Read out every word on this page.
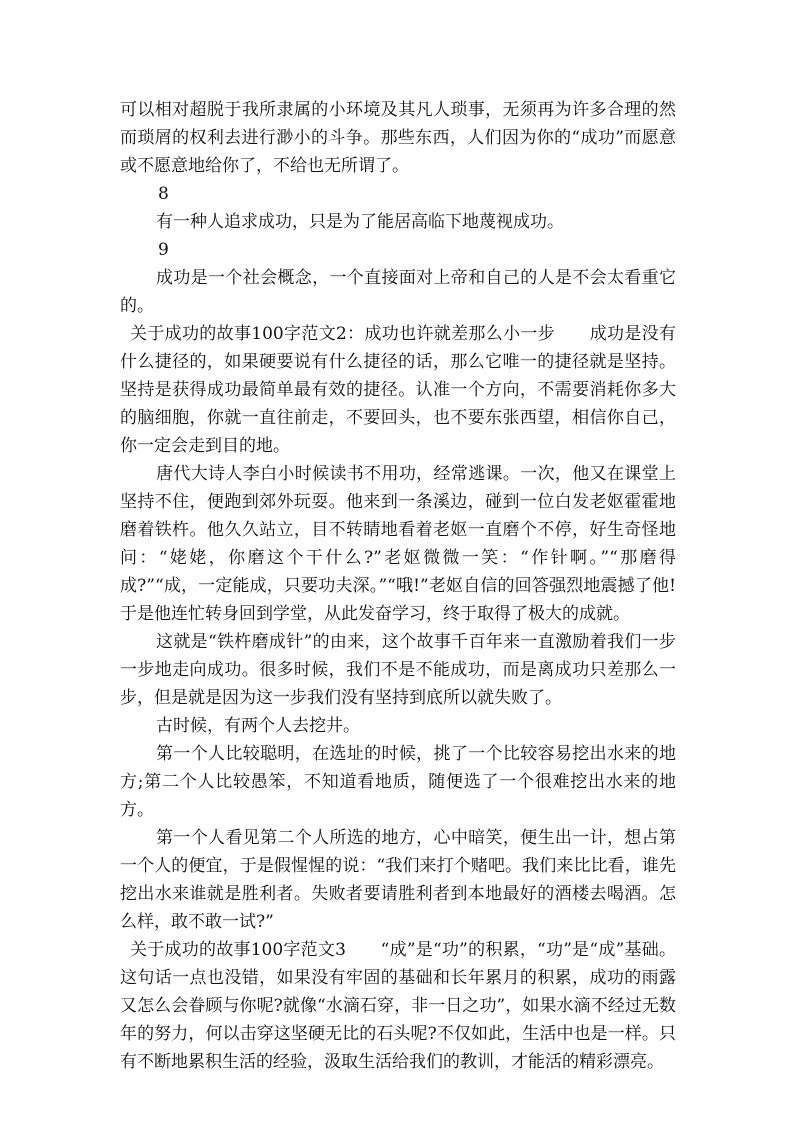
可以相对超脱于我所隶属的小环境及其凡人琐事，无须再为许多合理的然而琐屑的权利去进行渺小的斗争。那些东西，人们因为你的“成功”而愿意或不愿意地给你了，不给也无所谓了。

8

有一种人追求成功，只是为了能居高临下地蔑视成功。

9

成功是一个社会概念，一个直接面对上帝和自己的人是不会太看重它的。

关于成功的故事100字范文2：成功也许就差那么小一步　　成功是没有什么捷径的，如果硬要说有什么捷径的话，那么它唯一的捷径就是坚持。坚持是获得成功最简单最有效的捷径。认准一个方向，不需要消耗你多大的脑细胞，你就一直往前走，不要回头，也不要东张西望，相信你自己，你一定会走到目的地。

唐代大诗人李白小时候读书不用功，经常逃课。一次，他又在课堂上坚持不住，便跑到郊外玩耍。他来到一条溪边，碰到一位白发老妪霍霍地磨着铁杵。他久久站立，目不转睛地看着老妪一直磨个不停，好生奇怪地问：“姥姥，你磨这个干什么?”老妪微微一笑：“作针啊。”“那磨得成?”“成，一定能成，只要功夫深。”“哦!”老妪自信的回答强烈地震撼了他!于是他连忙转身回到学堂，从此发奋学习，终于取得了极大的成就。

这就是“铁杵磨成针”的由来，这个故事千百年来一直激励着我们一步一步地走向成功。很多时候，我们不是不能成功，而是离成功只差那么一步，但是就是因为这一步我们没有坚持到底所以就失败了。

古时候，有两个人去挖井。

第一个人比较聪明，在选址的时候，挑了一个比较容易挖出水来的地方;第二个人比较愚笨，不知道看地质，随便选了一个很难挖出水来的地方。

第一个人看见第二个人所选的地方，心中暗笑，便生出一计，想占第一个人的便宜，于是假惺惺的说：“我们来打个赌吧。我们来比比看，谁先挖出水来谁就是胜利者。失败者要请胜利者到本地最好的酒楼去喝酒。怎么样，敢不敢一试?”

关于成功的故事100字范文3　　“成”是“功”的积累，“功”是“成”基础。这句话一点也没错，如果没有牢固的基础和长年累月的积累，成功的雨露又怎么会眷顾与你呢?就像“水滴石穿，非一日之功”，如果水滴不经过无数年的努力，何以击穿这坚硬无比的石头呢?不仅如此，生活中也是一样。只有不断地累积生活的经验，汲取生活给我们的教训，才能活的精彩漂亮。
